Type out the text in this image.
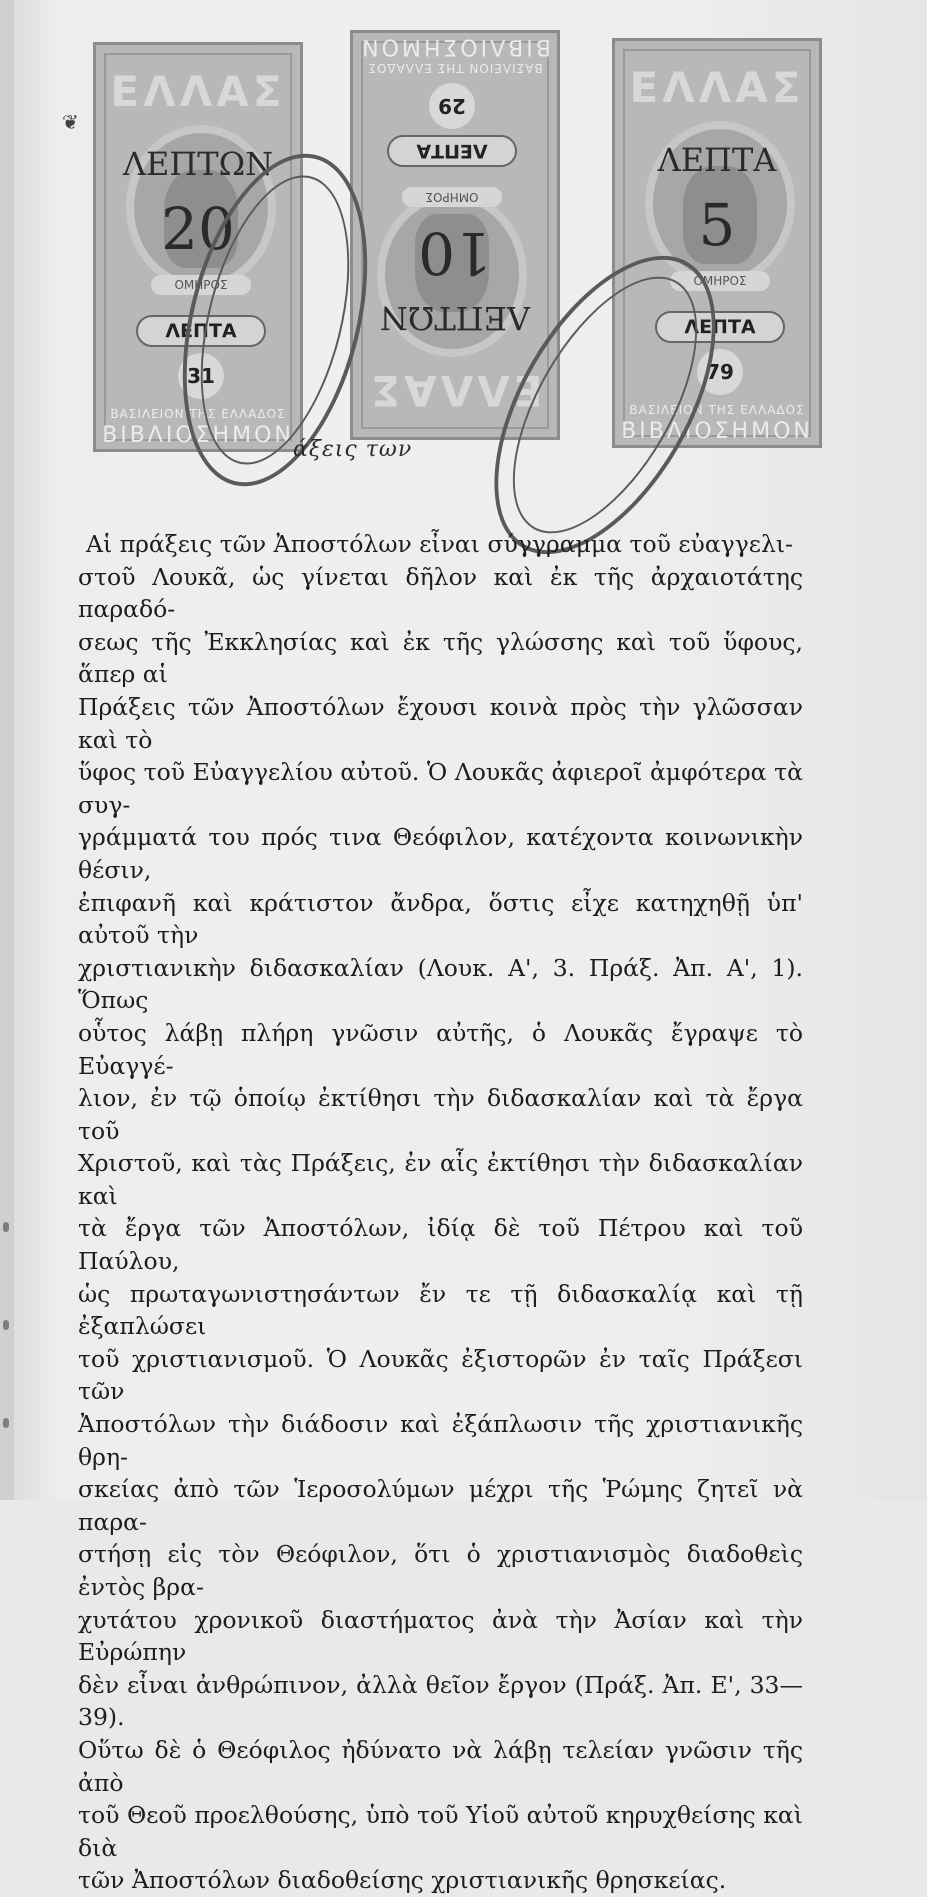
❦
ΕΛΛΑΣ
ΛΕΠΤΩΝ
20
ΟΜΗΡΟΣ
ΛΕΠΤΑ
31
ΒΑΣΙΛΕΙΟΝ ΤΗΣ ΕΛΛΑΔΟΣ
ΒΙΒΛΙΟΣΗΜΟΝ
ΕΛΛΑΣ
ΛΕΠΤΩΝ
10
ΟΜΗΡΟΣ
ΛΕΠΤΑ
29
ΒΑΣΙΛΕΙΟΝ ΤΗΣ ΕΛΛΑΔΟΣ
ΒΙΒΛΙΟΣΗΜΟΝ
ΕΛΛΑΣ
ΛΕΠΤΑ
5
ΟΜΗΡΟΣ
ΛΕΠΤΑ
79
ΒΑΣΙΛΕΙΟΝ ΤΗΣ ΕΛΛΑΔΟΣ
ΒΙΒΛΙΟΣΗΜΟΝ
άξεις των
Αἱ πράξεις τῶν Ἀποστόλων εἶναι σύγγραμμα τοῦ εὐαγγελι-
στοῦ Λουκᾶ, ὡς γίνεται δῆλον καὶ ἐκ τῆς ἀρχαιοτάτης παραδό-
σεως τῆς Ἐκκλησίας καὶ ἐκ τῆς γλώσσης καὶ τοῦ ὕφους, ἅπερ αἱ
Πράξεις τῶν Ἀποστόλων ἔχουσι κοινὰ πρὸς τὴν γλῶσσαν καὶ τὸ
ὕφος τοῦ Εὐαγγελίου αὐτοῦ. Ὁ Λουκᾶς ἀφιεροῖ ἀμφότερα τὰ συγ-
γράμματά του πρός τινα Θεόφιλον, κατέχοντα κοινωνικὴν θέσιν,
ἐπιφανῆ καὶ κράτιστον ἄνδρα, ὅστις εἶχε κατηχηθῇ ὑπ' αὐτοῦ τὴν
χριστιανικὴν διδασκαλίαν (Λουκ. Α', 3. Πράξ. Ἀπ. Α', 1). Ὅπως
οὗτος λάβῃ πλήρη γνῶσιν αὐτῆς, ὁ Λουκᾶς ἔγραψε τὸ Εὐαγγέ-
λιον, ἐν τῷ ὁποίῳ ἐκτίθησι τὴν διδασκαλίαν καὶ τὰ ἔργα τοῦ
Χριστοῦ, καὶ τὰς Πράξεις, ἐν αἷς ἐκτίθησι τὴν διδασκαλίαν καὶ
τὰ ἔργα τῶν Ἀποστόλων, ἰδίᾳ δὲ τοῦ Πέτρου καὶ τοῦ Παύλου,
ὡς πρωταγωνιστησάντων ἔν τε τῇ διδασκαλίᾳ καὶ τῇ ἐξαπλώσει
τοῦ χριστιανισμοῦ. Ὁ Λουκᾶς ἐξιστορῶν ἐν ταῖς Πράξεσι τῶν
Ἀποστόλων τὴν διάδοσιν καὶ ἐξάπλωσιν τῆς χριστιανικῆς θρη-
σκείας ἀπὸ τῶν Ἱεροσολύμων μέχρι τῆς Ῥώμης ζητεῖ νὰ παρα-
στήσῃ εἰς τὸν Θεόφιλον, ὅτι ὁ χριστιανισμὸς διαδοθεὶς ἐντὸς βρα-
χυτάτου χρονικοῦ διαστήματος ἀνὰ τὴν Ἀσίαν καὶ τὴν Εὐρώπην
δὲν εἶναι ἀνθρώπινον, ἀλλὰ θεῖον ἔργον (Πράξ. Ἀπ. Ε', 33—39).
Οὕτω δὲ ὁ Θεόφιλος ἠδύνατο νὰ λάβῃ τελείαν γνῶσιν τῆς ἀπὸ
τοῦ Θεοῦ προελθούσης, ὑπὸ τοῦ Υἱοῦ αὐτοῦ κηρυχθείσης καὶ διὰ
τῶν Ἀποστόλων διαδοθείσης χριστιανικῆς θρησκείας.
